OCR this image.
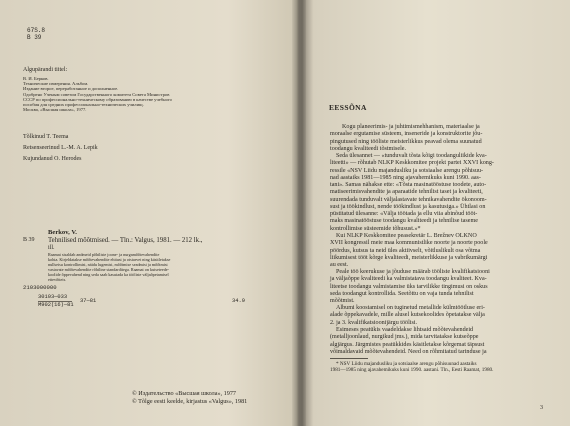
67S.8
B 39
Algupärandi tiitel:
В. И. Берков.
Технические измерения. Альбом.
Издание второе, переработанное и дополненное.
Одобрено Ученым советом Государственного комитета Совета Министров
СССР по профессионально-техническому образованию в качестве учебного
пособия для средних профессионально-технических училищ.
Москва, «Высшая школа», 1977.
Tõlkinud T. Teema
Retsenseerinud L.-M. A. Lepik
Kujundanud O. Herodes
Berkov, V.
B 39 Tehnilised mõõtmised. — Tln.: Valgus, 1981. — 212 lk.,
ill.
Raamat sisaldab andmeid põhiliste joone- ja nurgamõõtevahendite
kohta. Kirjeldatakse mõõtevahendite ehitust ja otstarvet ning käsitletakse
nullseisu kontrollimist, näidu lugemist, mõõtmise seadmist ja mõõtmist
vastavate mõõtevahendite rõhiline standarditega. Raamat on kutseteede-
koolide õppevahend ning seda saab kasutada ka tööliste väljaõpetamisel
ettevõtteis.
2103000000
30103—033
M902(16)—81
37—81	34.9
© Издательство «Высшая школа», 1977
© Tõlge eesti keelde, kirjastus «Valgus», 1981
EESSÕNA
Kogu planeerimis- ja juhtimismehhanism, materiaalse ja
moraalse ergutamise süsteem, inseneride ja konstruktorite jõu-
pingutused ning tööliste meisterlikkus peavad olema suunatud
toodangu kvaliteedi tõstmisele.
Seda ülesannet — «tunduvalt tõsta kõigi toodanguliikide kva-
liteetti» — rõhutab NLKP Keskkomitee projekt partei XXVI kong-
ressile «NSV Liidu majandusliku ja sotsiaalse arengu põhisuu-
nad aastaiks 1981—1985 ning ajavahemikuks kuni 1990. aas-
tani». Samas nähakse ette: «Tõsta masinatööstuse toodete, auto-
matiseerimisvahendite ja aparaatide tehnilist taset ja kvaliteeti,
suurendada tunduvalt väljalastavate tehnikavahendite ökonoom-
sust ja töökindlust, nende töökindlust ja kasutusiga.» Ühtlasi on
püstitatud ülesanne: «Välja töötada ja ellu viia abinõud tööt-
maks masinatööstuse toodangu kvaliteedi ja tehnilise taseme
kontrollimise süsteemide tõhusust.»*
Kui NLKP Keskkomitee peasekretär L. Brežnev OLKNO
XVII kongressil meie maa kommunistlike noorte ja noorte poole
pöördus, kutsus ta neid üles aktiivselt, võitluslikult osa võtma
liikumisest tööt kõrge kvaliteedi, meisterlikkuse ja vabrikumärgi
au eest.
Peale töö keerukuse ja jõuduse määrab tööliste kvalifikatsiooni
ja väljaõppe kvaliteedi ka valmistatava toodangu kvaliteet. Kva-
liteetse toodangu valmistamise üks tarvilikke tingimusi on oskus
seda toodangut kontrollida. Seetõttu on vaja tunda tehnilist
mõõtmist.
Albumi koostamisel on tuginetud metallide külmtöötluse eri-
alade õppekavadele, mille alusel kutsekoolides õpetatakse välja
2. ja 3. kvalifikatsioonijärgu töölisi.
Esimeses peatükis vaadeldakse lihtsaid mõõtevahendeid
(metalljoonlaud, nurgikud jms.), mida tarvitatakse kutseõppe
algjärgus. Järgmistes peatükkides käsitletakse kõrgemat täpsust
võimaldavaid mõõtevahendeid. Need on rõhmitatud tarinduse ja
* NSV Liidu majandusliku ja sotsiaalse arengu põhisuunad aastaiks
1981—1985 ning ajavahemikuks kuni 1990. aastani. Tln., Eesti Raamat, 1980.
3
